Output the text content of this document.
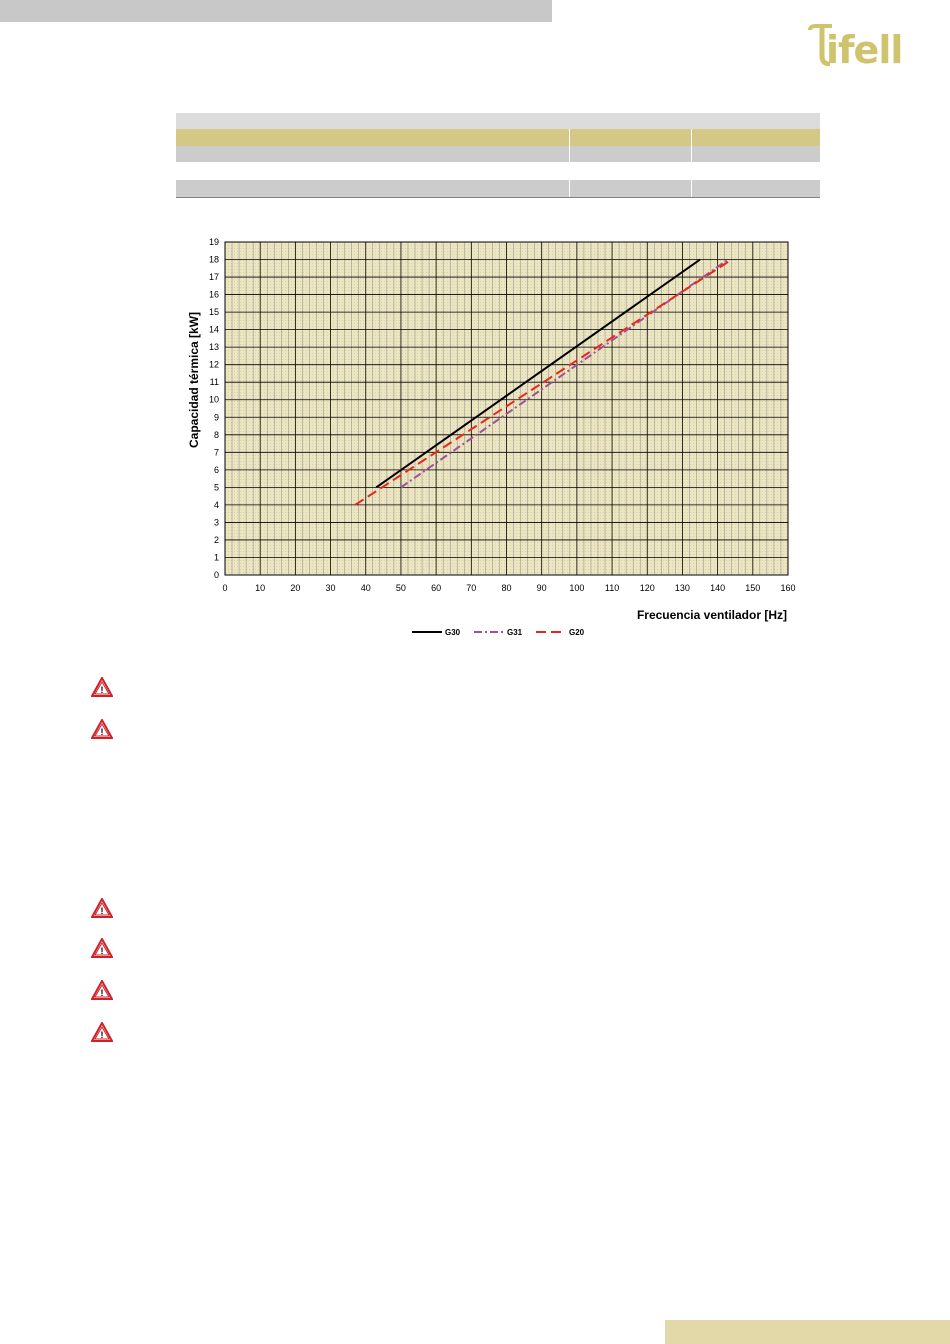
ifell
0	10	20	30	40	50	60	70	80	90	100 110 120 130 140 150 160
0
1
2
3
4
5
6
7
8
9
10
11
12
13
14
15
16
17
18
19
Frecuencia ventilador [Hz]
Capacidad térmica [kW]
G30	G31	G20
!
!
!
!
!
!
